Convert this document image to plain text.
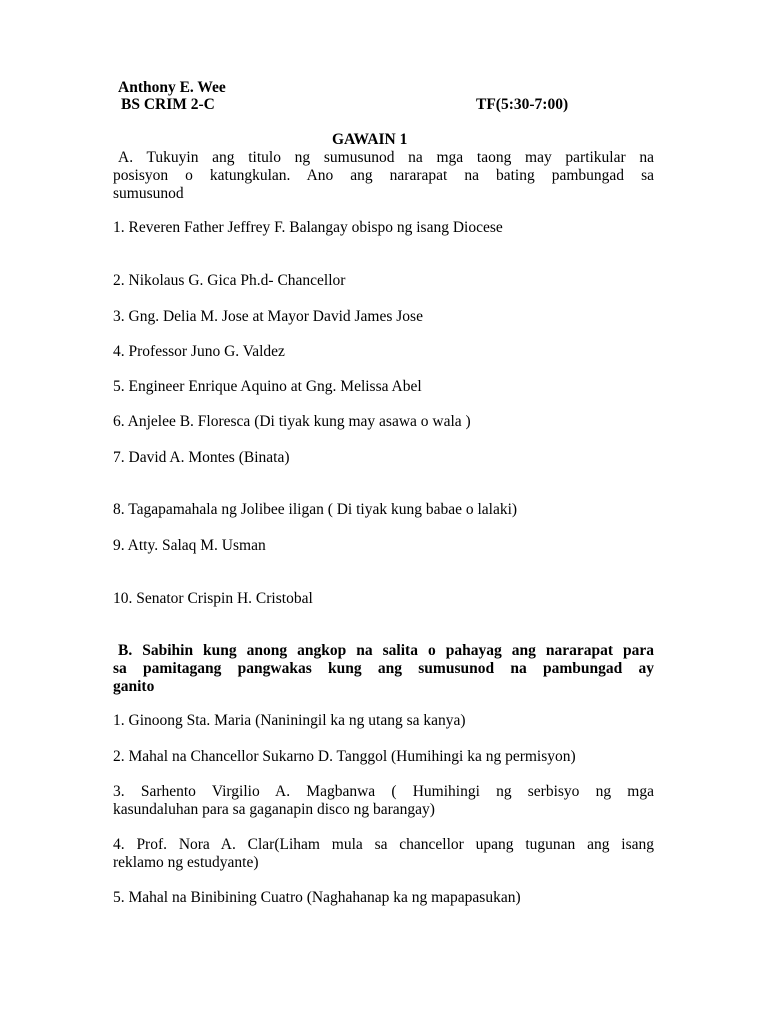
Anthony E. Wee
BS CRIM 2-C	TF(5:30-7:00)
GAWAIN 1
A. Tukuyin ang titulo ng sumusunod na mga taong may partikular na
posisyon o katungkulan. Ano ang nararapat na bating pambungad sa
sumusunod
1. Reveren Father Jeffrey F. Balangay obispo ng isang Diocese
2. Nikolaus G. Gica Ph.d- Chancellor
3. Gng. Delia M. Jose at Mayor David James Jose
4. Professor Juno G. Valdez
5. Engineer Enrique Aquino at Gng. Melissa Abel
6. Anjelee B. Floresca (Di tiyak kung may asawa o wala )
7. David A. Montes (Binata)
8. Tagapamahala ng Jolibee iligan ( Di tiyak kung babae o lalaki)
9. Atty. Salaq M. Usman
10. Senator Crispin H. Cristobal
B. Sabihin kung anong angkop na salita o pahayag ang nararapat para
sa pamitagang pangwakas kung ang sumusunod na pambungad ay
ganito
1. Ginoong Sta. Maria (Naniningil ka ng utang sa kanya)
2. Mahal na Chancellor Sukarno D. Tanggol (Humihingi ka ng permisyon)
3. Sarhento Virgilio A. Magbanwa ( Humihingi ng serbisyo ng mga
kasundaluhan para sa gaganapin disco ng barangay)
4. Prof. Nora A. Clar(Liham mula sa chancellor upang tugunan ang isang
reklamo ng estudyante)
5. Mahal na Binibining Cuatro (Naghahanap ka ng mapapasukan)
